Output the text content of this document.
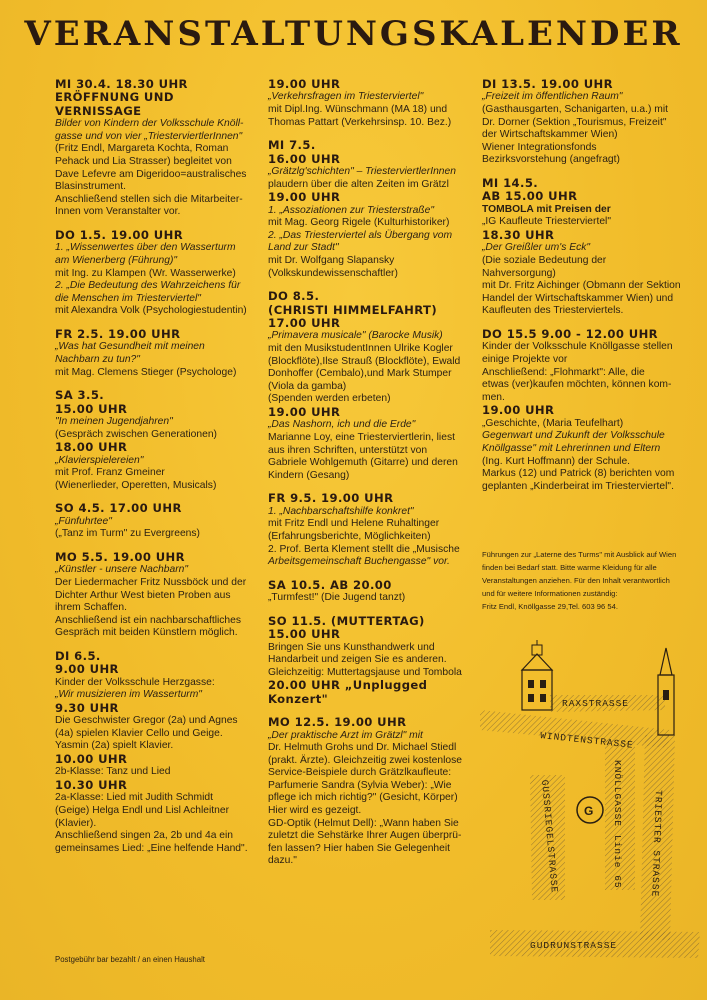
VERANSTALTUNGSKALENDER
MI 30.4. 18.30 UHR
ERÖFFNUNG UND
VERNISSAGE
Bilder von Kindern der Volksschule Knöll-
gasse und von vier „TriesterviertlerInnen"
(Fritz Endl, Margareta Kochta, Roman
Pehack und Lia Strasser) begleitet von
Dave Lefevre am Digeridoo=australisches
Blasinstrument.
Anschließend stellen sich die Mitarbeiter-
Innen vom Veranstalter vor.
DO 1.5. 19.00 UHR
1. „Wissenwertes über den Wasserturm
am Wienerberg (Führung)"
mit Ing. zu Klampen (Wr. Wasserwerke)
2. „Die Bedeutung des Wahrzeichens für
die Menschen im Triesterviertel"
mit Alexandra Volk (Psychologiestudentin)
FR 2.5. 19.00 UHR
„Was hat Gesundheit mit meinen
Nachbarn zu tun?"
mit Mag. Clemens Stieger (Psychologe)
SA 3.5.
15.00 UHR
"In meinen Jugendjahren"
(Gespräch zwischen Generationen)
18.00 UHR
„Klavierspielereien"
mit Prof. Franz Gmeiner
(Wienerlieder, Operetten, Musicals)
SO 4.5. 17.00 UHR
„Fünfuhrtee"
(„Tanz im Turm" zu Evergreens)
MO 5.5. 19.00 UHR
„Künstler - unsere Nachbarn"
Der Liedermacher Fritz Nussböck und der
Dichter Arthur West bieten Proben aus
ihrem Schaffen.
Anschließend ist ein nachbarschaftliches
Gespräch mit beiden Künstlern möglich.
DI 6.5.
9.00 UHR
Kinder der Volksschule Herzgasse:
„Wir musizieren im Wasserturm"
9.30 UHR
Die Geschwister Gregor (2a) und Agnes
(4a) spielen Klavier Cello und Geige.
Yasmin (2a) spielt Klavier.
10.00 UHR
2b-Klasse: Tanz und Lied
10.30 UHR
2a-Klasse: Lied mit Judith Schmidt
(Geige) Helga Endl und Lisl Achleitner
(Klavier).
Anschließend singen 2a, 2b und 4a ein
gemeinsames Lied: „Eine helfende Hand".
19.00 UHR
„Verkehrsfragen im Triesterviertel"
mit Dipl.Ing. Wünschmann (MA 18) und
Thomas Pattart (Verkehrsinsp. 10. Bez.)
MI 7.5.
16.00 UHR
„Grätzlg'schichten" – TriesterviertlerInnen
plaudern über die alten Zeiten im Grätzl
19.00 UHR
1. „Assoziationen zur Triesterstraße"
mit Mag. Georg Rigele (Kulturhistoriker)
2. „Das Triesterviertel als Übergang vom
Land zur Stadt"
mit Dr. Wolfgang Slapansky
(Volkskundewissenschaftler)
DO 8.5.
(CHRISTI HIMMELFAHRT)
17.00 UHR
„Primavera musicale" (Barocke Musik)
mit den MusikstudentInnen Ulrike Kogler
(Blockflöte),Ilse Strauß (Blockflöte), Ewald
Donhoffer (Cembalo),und Mark Stumper
(Viola da gamba)
(Spenden werden erbeten)
19.00 UHR
„Das Nashorn, ich und die Erde"
Marianne Loy, eine Triesterviertlerin, liest
aus ihren Schriften, unterstützt von
Gabriele Wohlgemuth (Gitarre) und deren
Kindern (Gesang)
FR 9.5. 19.00 UHR
1. „Nachbarschaftshilfe konkret"
mit Fritz Endl und Helene Ruhaltinger
(Erfahrungsberichte, Möglichkeiten)
2. Prof. Berta Klement stellt die „Musische
Arbeitsgemeinschaft Buchengasse" vor.
SA 10.5. AB 20.00
„Turmfest!" (Die Jugend tanzt)
SO 11.5. (MUTTERTAG)
15.00 UHR
Bringen Sie uns Kunsthandwerk und
Handarbeit und zeigen Sie es anderen.
Gleichzeitig: Muttertagsjause und Tombola
20.00 UHR „Unplugged Konzert"
MO 12.5. 19.00 UHR
„Der praktische Arzt im Grätzl" mit
Dr. Helmuth Grohs und Dr. Michael Stiedl
(prakt. Ärzte). Gleichzeitig zwei kostenlose
Service-Beispiele durch Grätzlkaufleute:
Parfumerie Sandra (Sylvia Weber): „Wie
pflege ich mich richtig?" (Gesicht, Körper)
Hier wird es gezeigt.
GD-Optik (Helmut Dell): „Wann haben Sie
zuletzt die Sehstärke Ihrer Augen überprü-
fen lassen? Hier haben Sie Gelegenheit
dazu."
DI 13.5. 19.00 UHR
„Freizeit im öffentlichen Raum"
(Gasthausgarten, Schanigarten, u.a.) mit
Dr. Dorner (Sektion „Tourismus, Freizeit"
der Wirtschaftskammer Wien)
Wiener Integrationsfonds
Bezirksvorstehung (angefragt)
MI 14.5.
AB 15.00 UHR
TOMBOLA mit Preisen der
„IG Kaufleute Triesterviertel"
18.30 UHR
„Der Greißler um's Eck"
(Die soziale Bedeutung der Nahversorgung)
mit Dr. Fritz Aichinger (Obmann der Sektion
Handel der Wirtschaftskammer Wien) und
Kaufleuten des Triesterviertels.
DO 15.5 9.00 - 12.00 UHR
Kinder der Volksschule Knöllgasse stellen
einige Projekte vor
Anschließend: „Flohmarkt": Alle, die
etwas (ver)kaufen möchten, können kom-
men.
19.00 UHR
„Geschichte, (Maria Teufelhart)
Gegenwart und Zukunft der Volksschule
Knöllgasse" mit Lehrerinnen und Eltern
(Ing. Kurt Hoffmann) der Schule.
Markus (12) und Patrick (8) berichten vom
geplanten „Kinderbeirat im Triesterviertel".
Führungen zur „Laterne des Turms" mit Ausblick auf Wien
finden bei Bedarf statt. Bitte warme Kleidung für alle
Veranstaltungen anziehen. Für den Inhalt verantwortlich
und für weitere Informationen zuständig:
Fritz Endl, Knöllgasse 29,Tel. 603 96 54.
G
RAXSTRASSE
WINDTENSTRASSE
GUSSRIEGELSTRASSE	KNÖLLGASSE
Linie 65	TRIESTER STRASSE
GUDRUNSTRASSE
Postgebühr bar bezahlt / an einen Haushalt
